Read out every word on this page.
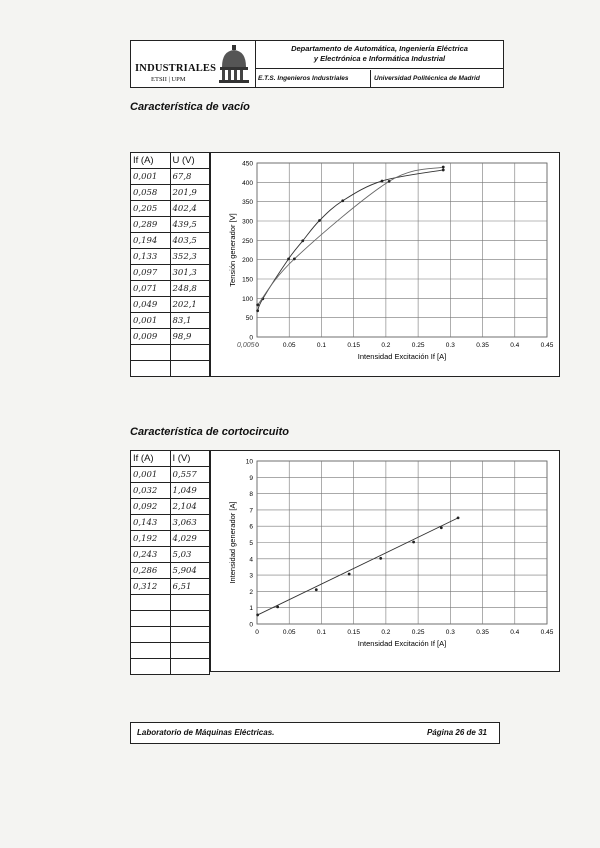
INDUSTRIALES
ETSII | UPM
Departamento de Automática, Ingeniería Eléctrica
y Electrónica e Informática Industrial
E.T.S. Ingenieros Industriales	Universidad Politécnica de Madrid
Característica de vacío
If (A)	U (V)
0,001	67,8
0,058	201,9
0,205	402,4
0,289	439,5
0,194	403,5
0,133	352,3
0,097	301,3
0,071	248,8
0,049	202,1
0,001	83,1
0,009	98,9

0	0.05	0.1	0.15	0.2	0.25	0.3	0.35	0.4	0.45
0
50
100
150
200
250
300
350
400
450
Intensidad Excitación If [A]
Tensión generador [V]
0,005
Característica de cortocircuito
If (A)	I (V)
0,001	0,557
0,032	1,049
0,092	2,104
0,143	3,063
0,192	4,029
0,243	5,03
0,286	5,904
0,312	6,51

0	0.05	0.1	0.15	0.2	0.25	0.3	0.35	0.4	0.45
0
1
2
3
4
5
6
7
8
9
10
Intensidad Excitación If [A]
Intensidad generador [A]
Laboratorio de Máquinas Eléctricas.	Página 26 de 31
